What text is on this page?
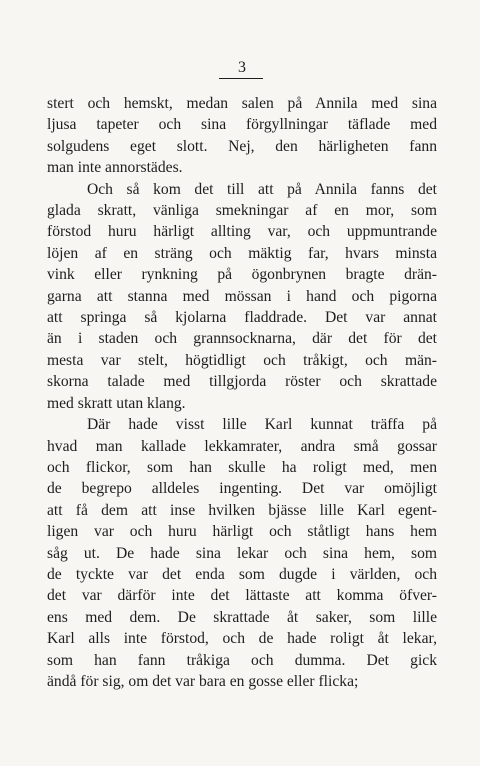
3
stert och hemskt, medan salen på Annila med sina
ljusa tapeter och sina förgyllningar täflade med
solgudens eget slott. Nej, den härligheten fann
man inte annorstädes.
Och så kom det till att på Annila fanns det
glada skratt, vänliga smekningar af en mor, som
förstod huru härligt allting var, och uppmuntrande
löjen af en sträng och mäktig far, hvars minsta
vink eller rynkning på ögonbrynen bragte drän-
garna att stanna med mössan i hand och pigorna
att springa så kjolarna fladdrade. Det var annat
än i staden och grannsocknarna, där det för det
mesta var stelt, högtidligt och tråkigt, och män-
skorna talade med tillgjorda röster och skrattade
med skratt utan klang.
Där hade visst lille Karl kunnat träffa på
hvad man kallade lekkamrater, andra små gossar
och flickor, som han skulle ha roligt med, men
de begrepo alldeles ingenting. Det var omöjligt
att få dem att inse hvilken bjässe lille Karl egent-
ligen var och huru härligt och ståtligt hans hem
såg ut. De hade sina lekar och sina hem, som
de tyckte var det enda som dugde i världen, och
det var därför inte det lättaste att komma öfver-
ens med dem. De skrattade åt saker, som lille
Karl alls inte förstod, och de hade roligt åt lekar,
som han fann tråkiga och dumma. Det gick
ändå för sig, om det var bara en gosse eller flicka;
